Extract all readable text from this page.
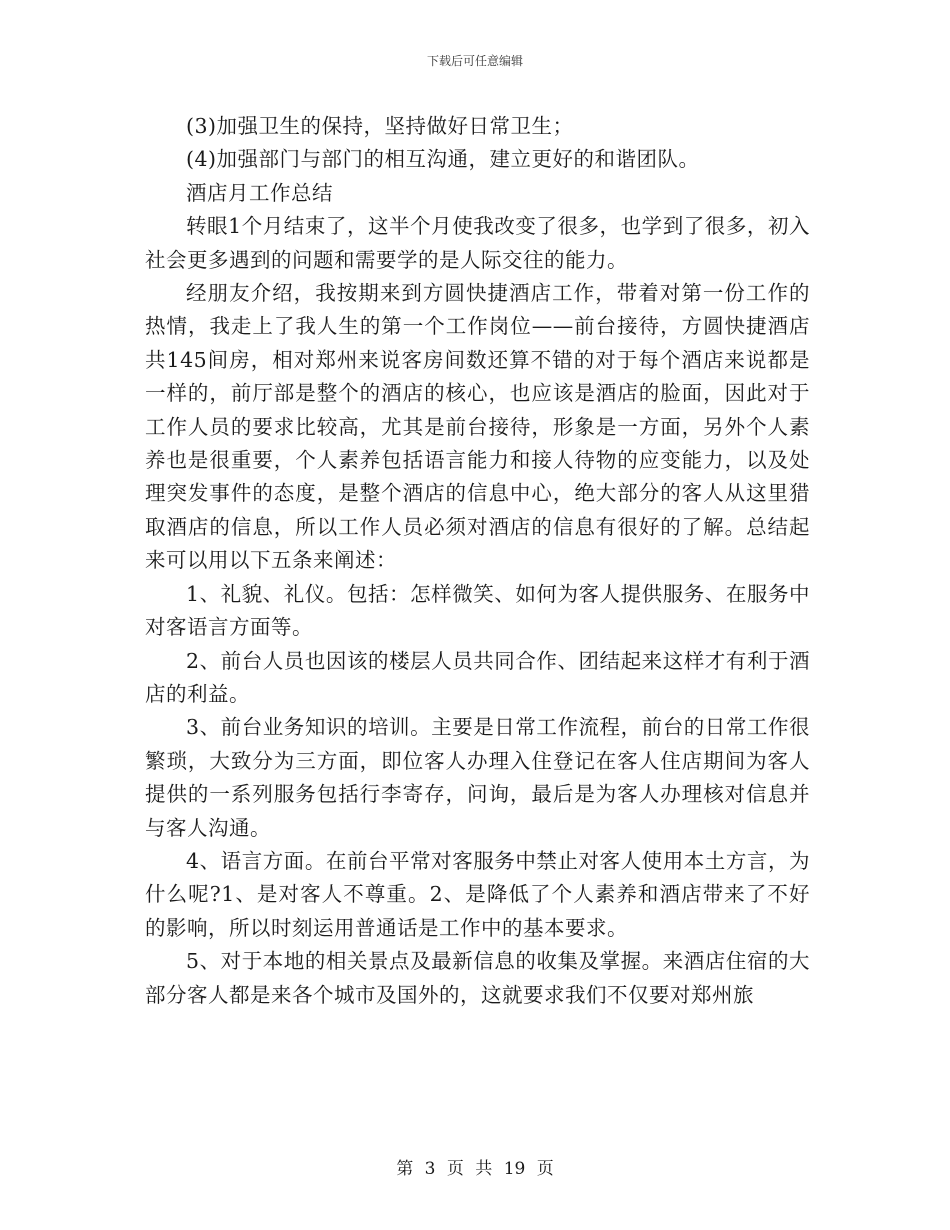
下载后可任意编辑

(3)加强卫生的保持，坚持做好日常卫生；

(4)加强部门与部门的相互沟通，建立更好的和谐团队。

酒店月工作总结

转眼1个月结束了，这半个月使我改变了很多，也学到了很多，初入社会更多遇到的问题和需要学的是人际交往的能力。

经朋友介绍，我按期来到方圆快捷酒店工作，带着对第一份工作的热情，我走上了我人生的第一个工作岗位——前台接待，方圆快捷酒店共145间房，相对郑州来说客房间数还算不错的对于每个酒店来说都是一样的，前厅部是整个的酒店的核心，也应该是酒店的脸面，因此对于工作人员的要求比较高，尤其是前台接待，形象是一方面，另外个人素养也是很重要，个人素养包括语言能力和接人待物的应变能力，以及处理突发事件的态度，是整个酒店的信息中心，绝大部分的客人从这里猎取酒店的信息，所以工作人员必须对酒店的信息有很好的了解。总结起来可以用以下五条来阐述：

1、礼貌、礼仪。包括：怎样微笑、如何为客人提供服务、在服务中对客语言方面等。

2、前台人员也因该的楼层人员共同合作、团结起来这样才有利于酒店的利益。

3、前台业务知识的培训。主要是日常工作流程，前台的日常工作很繁琐，大致分为三方面，即位客人办理入住登记在客人住店期间为客人提供的一系列服务包括行李寄存，问询，最后是为客人办理核对信息并与客人沟通。

4、语言方面。在前台平常对客服务中禁止对客人使用本土方言，为什么呢?1、是对客人不尊重。2、是降低了个人素养和酒店带来了不好的影响，所以时刻运用普通话是工作中的基本要求。

5、对于本地的相关景点及最新信息的收集及掌握。来酒店住宿的大部分客人都是来各个城市及国外的，这就要求我们不仅要对郑州旅

第 3 页 共 19 页
